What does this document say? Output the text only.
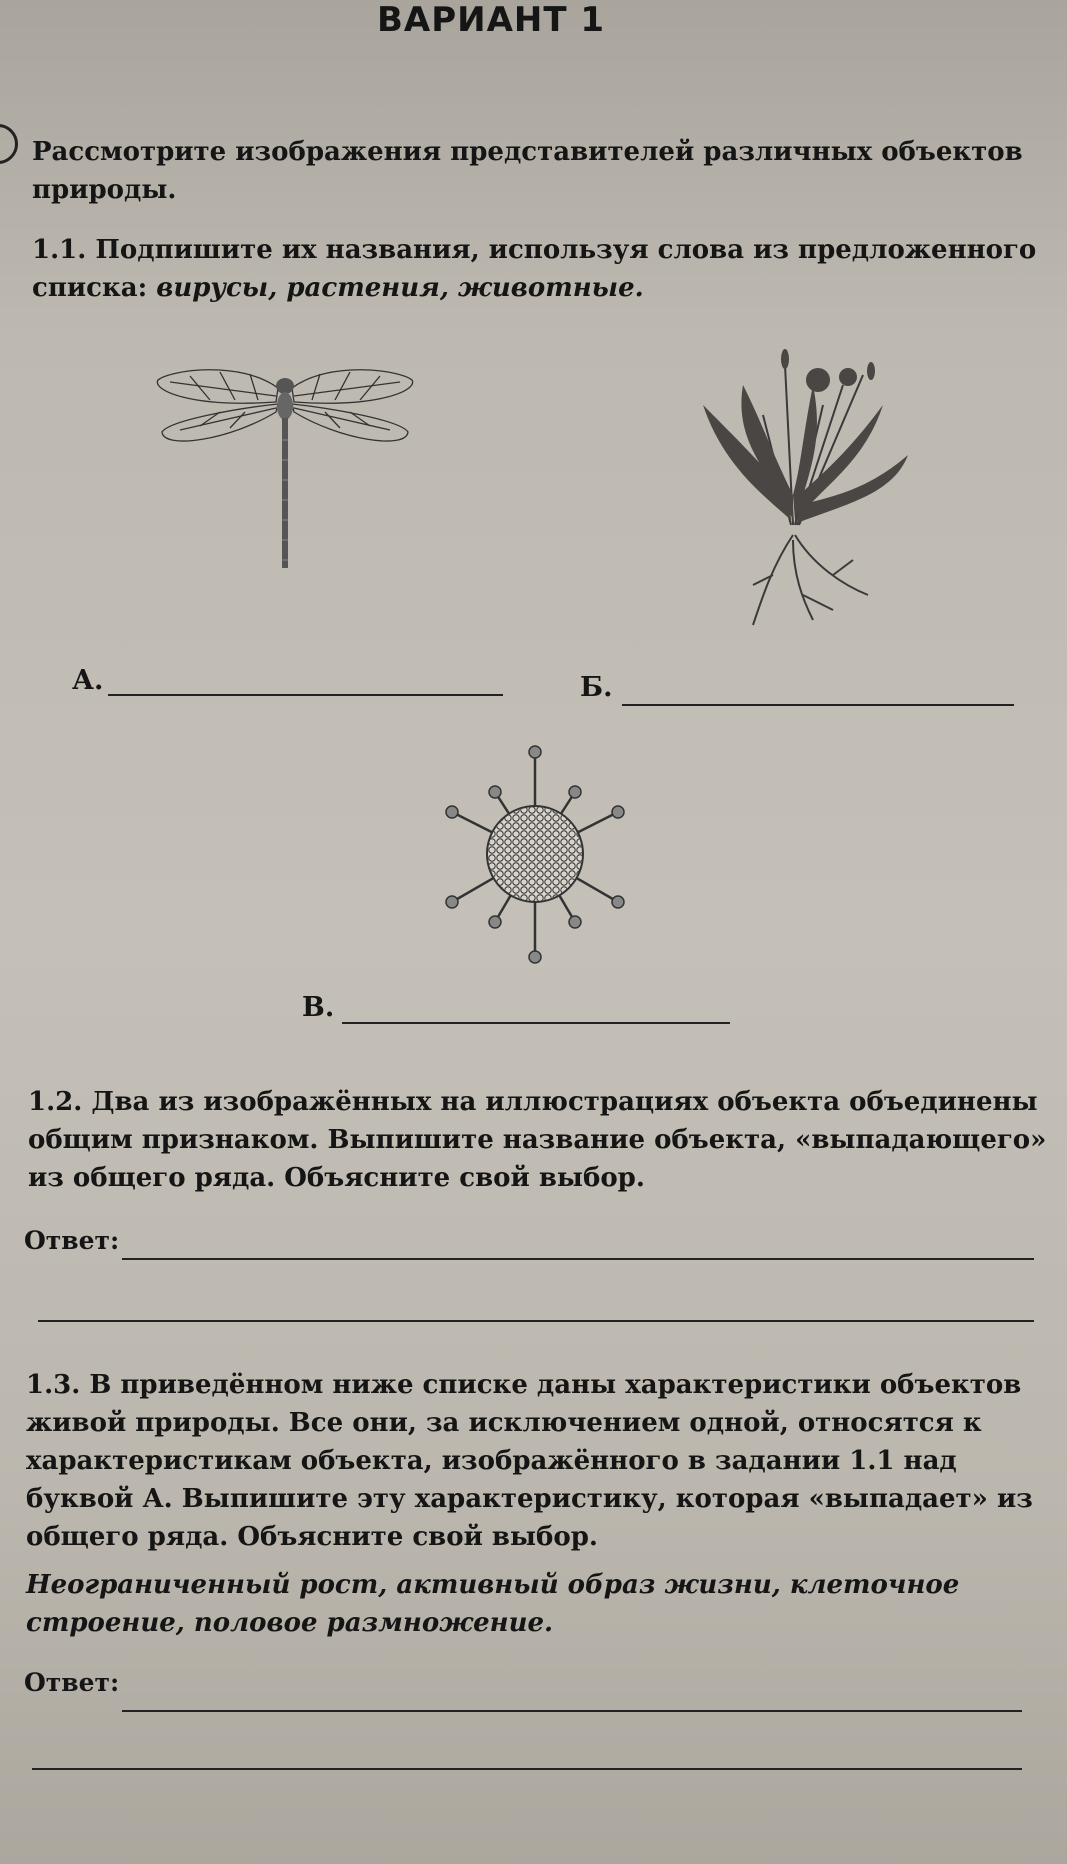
ВАРИАНТ 1
Рассмотрите изображения представителей различных объектов природы.
1.1. Подпишите их названия, используя слова из предложенного списка: вирусы, растения, животные.
А.	Б.
В.
1.2. Два из изображённых на иллюстрациях объекта объединены общим признаком. Выпишите название объекта, «выпадающего» из общего ряда. Объясните свой выбор.
Ответ:
1.3. В приведённом ниже списке даны характеристики объектов живой природы. Все они, за исключением одной, относятся к характеристикам объекта, изображённого в задании 1.1 над буквой А. Выпишите эту характеристику, которая «выпадает» из общего ряда. Объясните свой выбор.
Неограниченный рост, активный образ жизни, клеточное строение, половое размножение.
Ответ:
